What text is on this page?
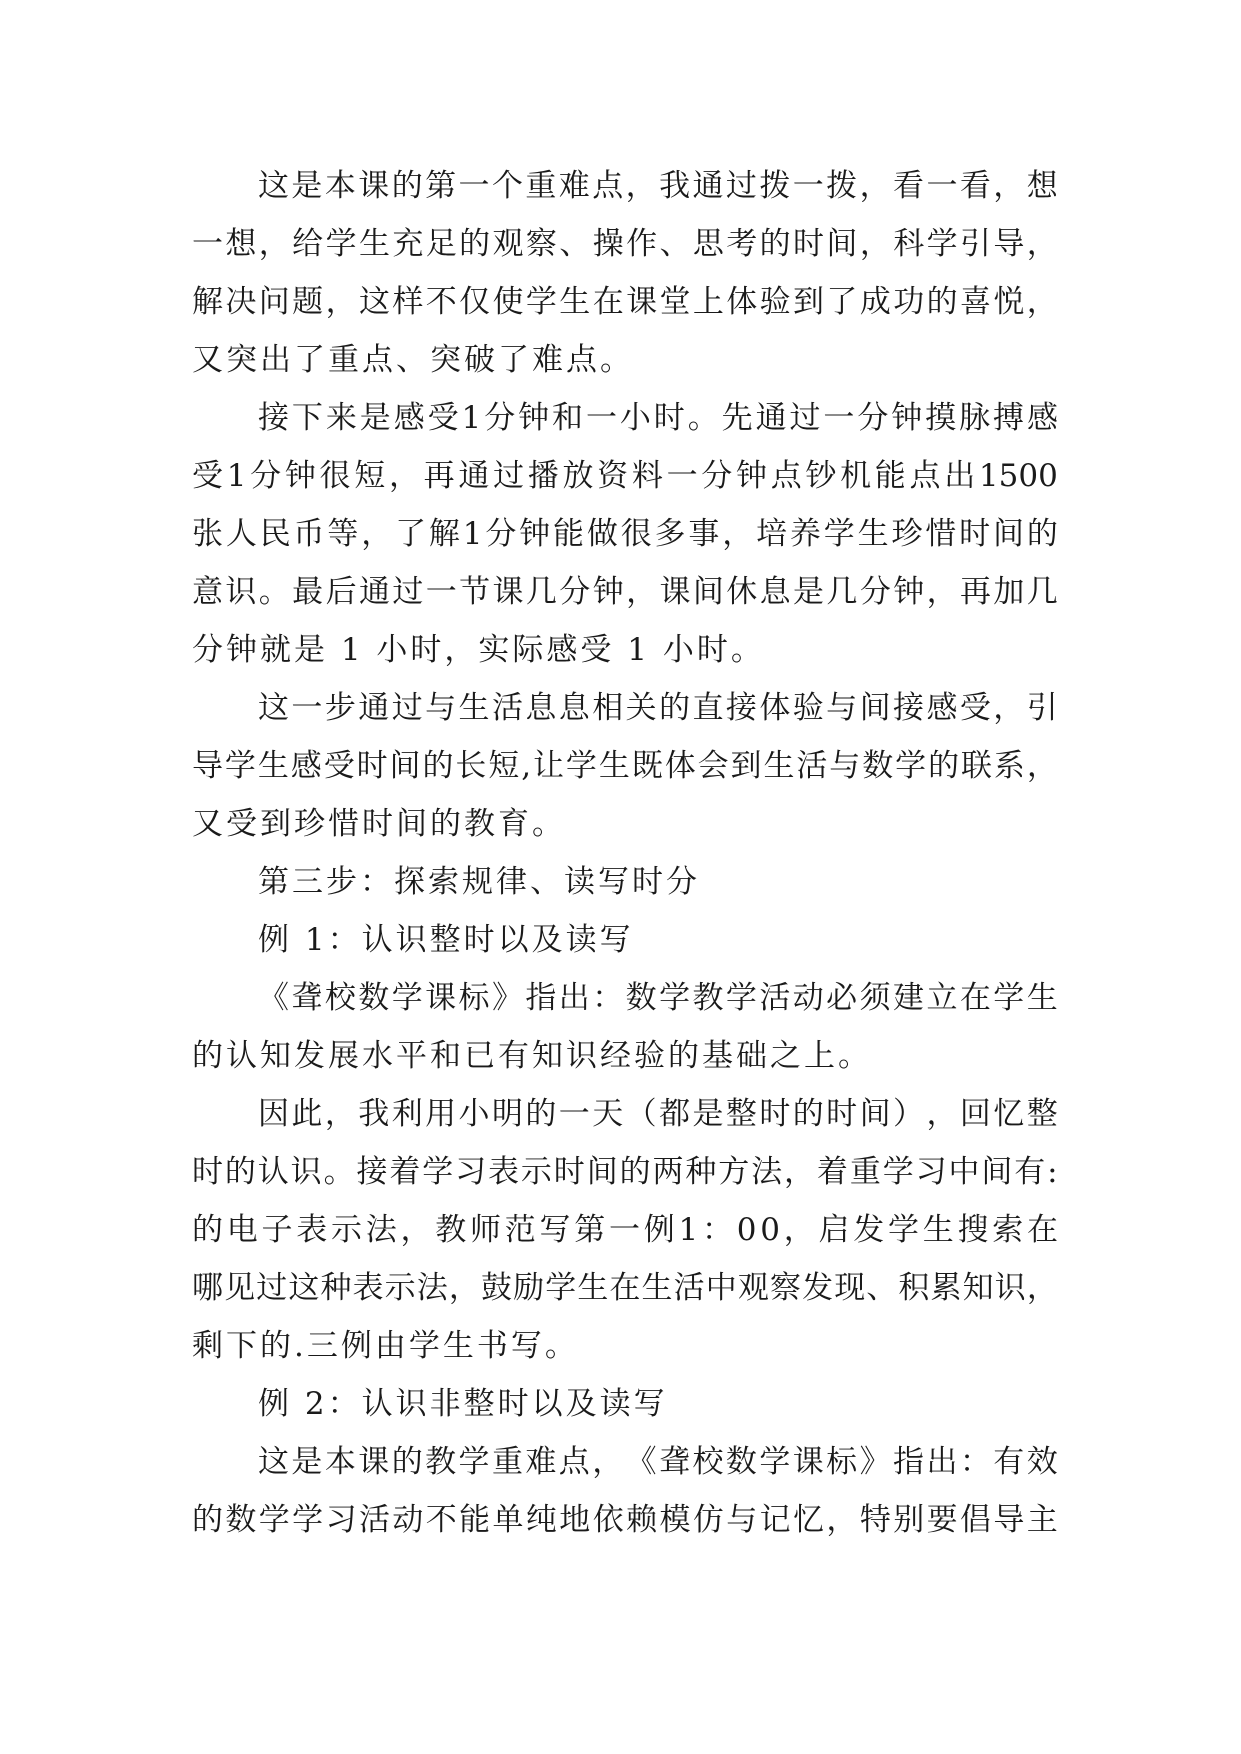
这 是 本 课 的 第 一 个 重 难 点 ， 我 通 过 拨 一 拨 ， 看 一 看 ， 想
一 想 ， 给 学 生 充 足 的 观 察 、 操 作 、 思 考 的 时 间 ， 科 学 引 导 ，
解 决 问 题 ， 这 样 不 仅 使 学 生 在 课 堂 上 体 验 到 了 成 功 的 喜 悦 ，
又突出了重点、突破了难点。
接 下 来 是 感 受 1 分 钟 和 一 小 时 。 先 通 过 一 分 钟 摸 脉 搏 感
受 1 分 钟 很 短 ， 再 通 过 播 放 资 料 一 分 钟 点 钞 机 能 点 出 1500
张 人 民 币 等 ， 了 解 1 分 钟 能 做 很 多 事 ， 培 养 学 生 珍 惜 时 间 的
意 识 。 最 后 通 过 一 节 课 几 分 钟 ， 课 间 休 息 是 几 分 钟 ， 再 加 几
分钟就是 1 小时，实际感受 1 小时。
这 一 步 通 过 与 生 活 息 息 相 关 的 直 接 体 验 与 间 接 感 受 ， 引
导 学 生 感 受 时 间 的 长 短 , 让 学 生 既 体 会 到 生 活 与 数 学 的 联 系 ，
又受到珍惜时间的教育。
第三步：探索规律、读写时分
例 1：认识整时以及读写
《 聋 校 数 学 课 标 》 指 出 ： 数 学 教 学 活 动 必 须 建 立 在 学 生
的认知发展水平和已有知识经验的基础之上。
因 此 ， 我 利 用 小 明 的 一 天 （ 都 是 整 时 的 时 间 ） ， 回 忆 整
时 的 认 识 。 接 着 学 习 表 示 时 间 的 两 种 方 法 ， 着 重 学 习 中 间 有 :
的 电 子 表 示 法 ， 教 师 范 写 第 一 例 1 ： 0 0 ， 启 发 学 生 搜 索 在
哪 见 过 这 种 表 示 法 ， 鼓 励 学 生 在 生 活 中 观 察 发 现 、 积 累 知 识 ，
剩下的.三例由学生书写。
例 2：认识非整时以及读写
这 是 本 课 的 教 学 重 难 点 ， 《 聋 校 数 学 课 标 》 指 出 ： 有 效
的 数 学 学 习 活 动 不 能 单 纯 地 依 赖 模 仿 与 记 忆 ， 特 别 要 倡 导 主
